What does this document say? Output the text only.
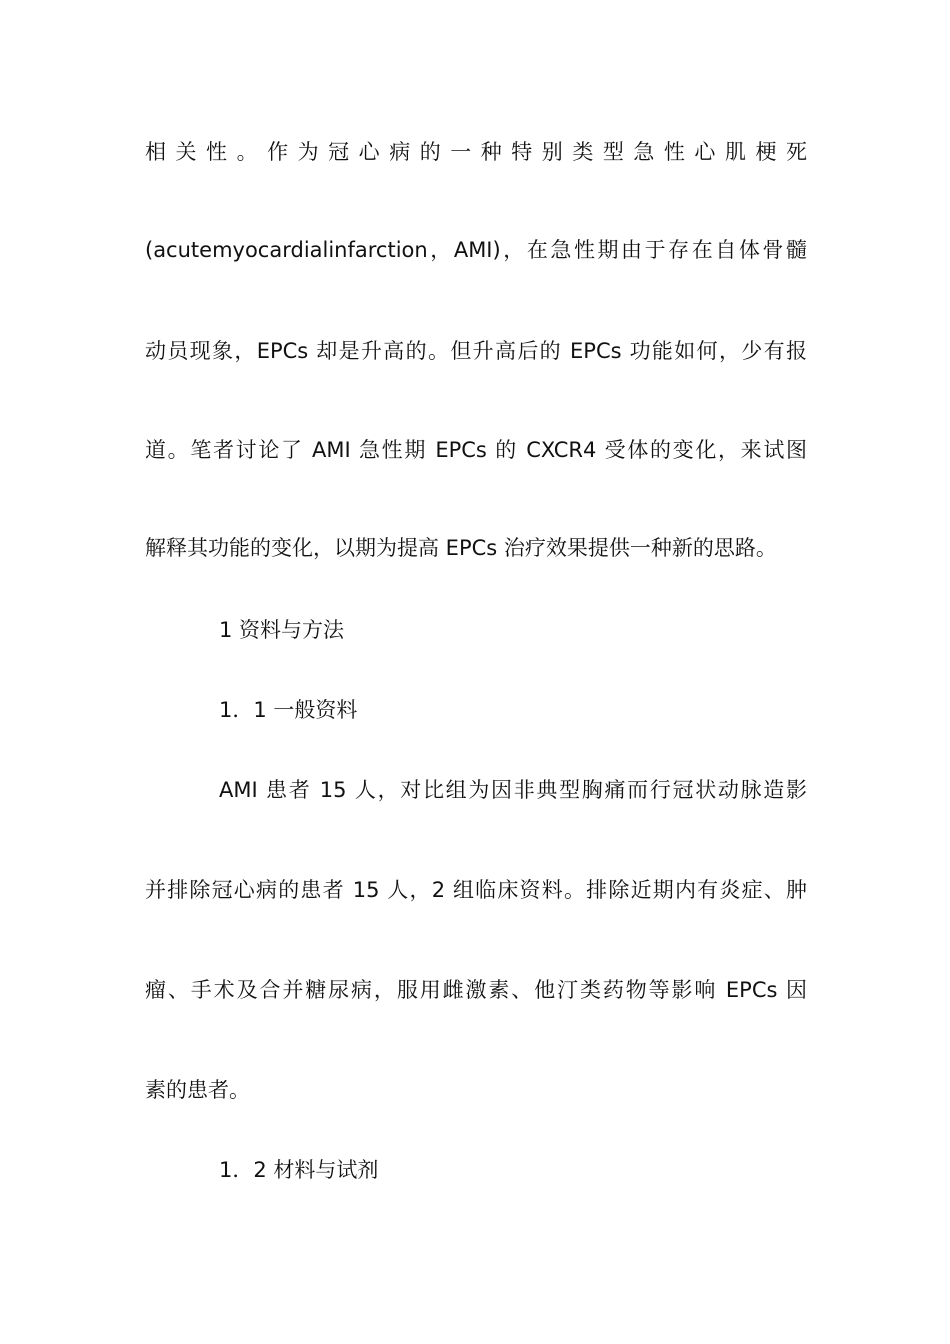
相关性。作为冠心病的一种特别类型急性心肌梗死
(acutemyocardialinfarction，AMI)，在急性期由于存在自体骨髓
动员现象，EPCs 却是升高的。但升高后的 EPCs 功能如何，少有报
道。笔者讨论了 AMI 急性期 EPCs 的 CXCR4 受体的变化，来试图
解释其功能的变化，以期为提高 EPCs 治疗效果提供一种新的思路。
1 资料与方法
1．1 一般资料
AMI 患者 15 人，对比组为因非典型胸痛而行冠状动脉造影
并排除冠心病的患者 15 人，2 组临床资料。排除近期内有炎症、肿
瘤、手术及合并糖尿病，服用雌激素、他汀类药物等影响 EPCs 因
素的患者。
1．2 材料与试剂
